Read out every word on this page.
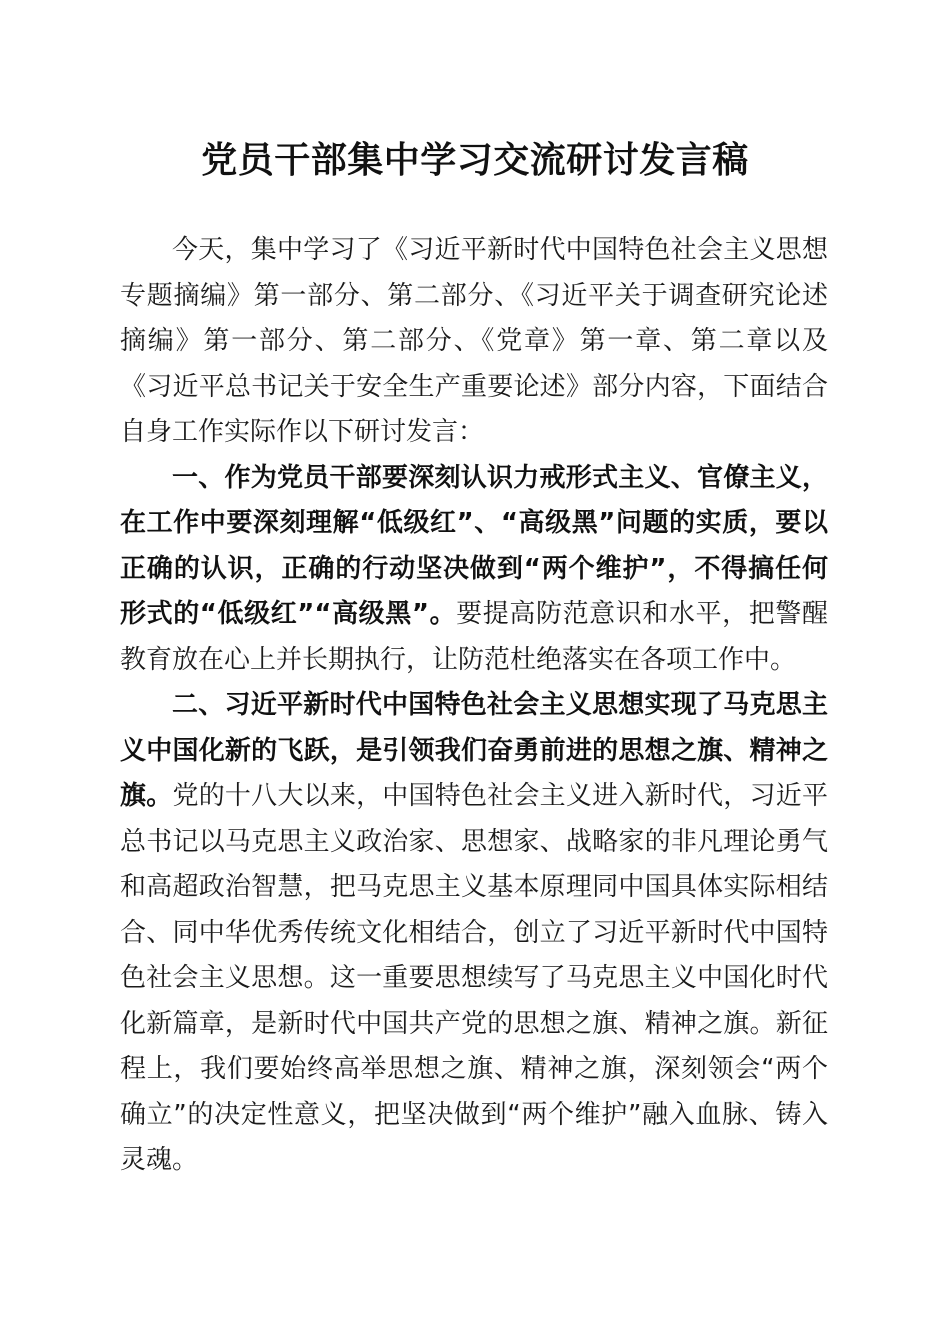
党员干部集中学习交流研讨发言稿

今天，集中学习了《习近平新时代中国特色社会主义思想专题摘编》第一部分、第二部分、《习近平关于调查研究论述摘编》第一部分、第二部分、《党章》第一章、第二章以及《习近平总书记关于安全生产重要论述》部分内容，下面结合自身工作实际作以下研讨发言：

一、作为党员干部要深刻认识力戒形式主义、官僚主义，在工作中要深刻理解“低级红”、“高级黑”问题的实质，要以正确的认识，正确的行动坚决做到“两个维护”，不得搞任何形式的“低级红”“高级黑”。要提高防范意识和水平，把警醒教育放在心上并长期执行，让防范杜绝落实在各项工作中。

二、习近平新时代中国特色社会主义思想实现了马克思主义中国化新的飞跃，是引领我们奋勇前进的思想之旗、精神之旗。党的十八大以来，中国特色社会主义进入新时代，习近平总书记以马克思主义政治家、思想家、战略家的非凡理论勇气和高超政治智慧，把马克思主义基本原理同中国具体实际相结合、同中华优秀传统文化相结合，创立了习近平新时代中国特色社会主义思想。这一重要思想续写了马克思主义中国化时代化新篇章，是新时代中国共产党的思想之旗、精神之旗。新征程上，我们要始终高举思想之旗、精神之旗，深刻领会“两个确立”的决定性意义，把坚决做到“两个维护”融入血脉、铸入灵魂。
